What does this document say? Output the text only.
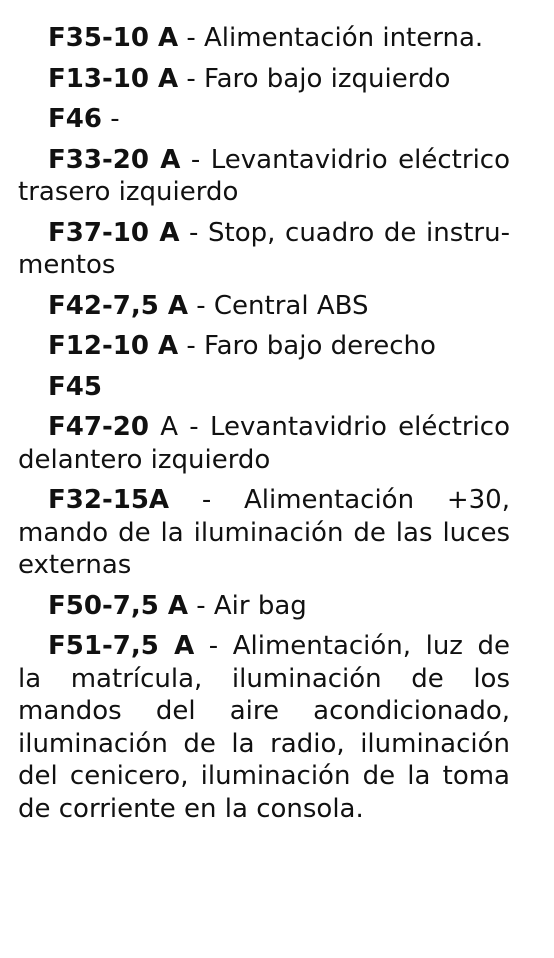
F35-10 A - Alimentación interna.

F13-10 A - Faro bajo izquierdo

F46 -

F33-20 A - Levantavidrio eléctrico trasero izquierdo

F37-10 A - Stop, cuadro de instrumentos

F42-7,5 A - Central ABS

F12-10 A - Faro bajo derecho

F45

F47-20 A - Levantavidrio eléctrico delantero izquierdo

F32-15A - Alimentación +30, mando de la iluminación de las luces externas

F50-7,5 A - Air bag

F51-7,5 A - Alimentación, luz de la matrícula, iluminación de los mandos del aire acondicionado, iluminación de la radio, iluminación del cenicero, iluminación de la toma de corriente en la consola.
